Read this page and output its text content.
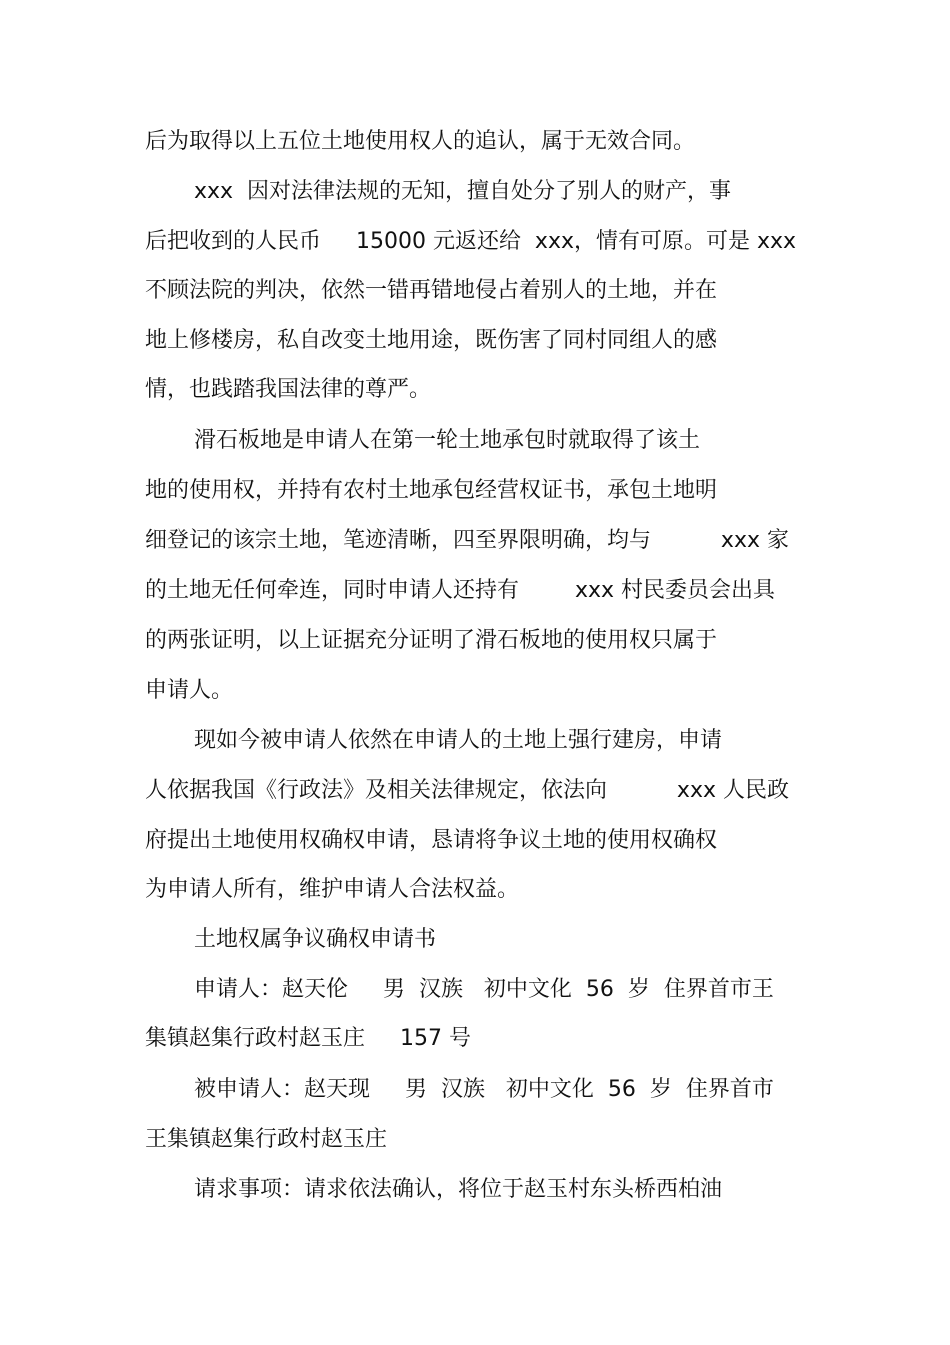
后为取得以上五位土地使用权人的追认，属于无效合同。
xxx  因对法律法规的无知，擅自处分了别人的财产，事
后把收到的人民币     15000 元返还给  xxx，情有可原。可是 xxx
不顾法院的判决，依然一错再错地侵占着别人的土地，并在
地上修楼房，私自改变土地用途，既伤害了同村同组人的感
情，也践踏我国法律的尊严。
滑石板地是申请人在第一轮土地承包时就取得了该土
地的使用权，并持有农村土地承包经营权证书，承包土地明
细登记的该宗土地，笔迹清晰，四至界限明确，均与          xxx 家
的土地无任何牵连，同时申请人还持有        xxx 村民委员会出具
的两张证明，以上证据充分证明了滑石板地的使用权只属于
申请人。
现如今被申请人依然在申请人的土地上强行建房，申请
人依据我国《行政法》及相关法律规定，依法向          xxx 人民政
府提出土地使用权确权申请，恳请将争议土地的使用权确权
为申请人所有，维护申请人合法权益。
土地权属争议确权申请书
申请人：赵天伦     男  汉族   初中文化  56  岁  住界首市王
集镇赵集行政村赵玉庄     157 号
被申请人：赵天现     男  汉族   初中文化  56  岁  住界首市
王集镇赵集行政村赵玉庄
请求事项：请求依法确认，将位于赵玉村东头桥西柏油
